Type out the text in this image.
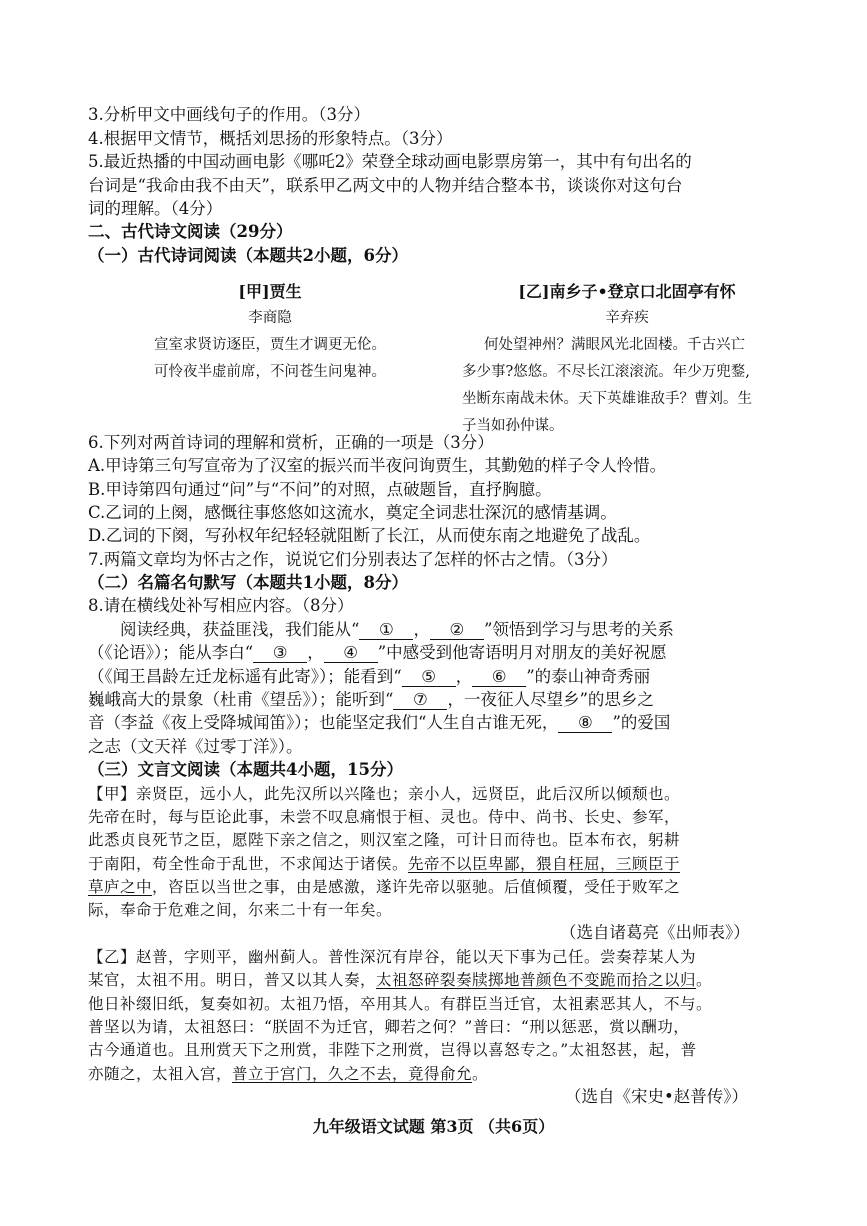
3.分析甲文中画线句子的作用。（3分）
4.根据甲文情节，概括刘思扬的形象特点。（3分）
5.最近热播的中国动画电影《哪吒2》荣登全球动画电影票房第一，其中有句出名的
台词是“我命由我不由天”，联系甲乙两文中的人物并结合整本书，谈谈你对这句台
词的理解。（4分）
二、古代诗文阅读（29分）
（一）古代诗词阅读（本题共2小题，6分）
[甲]贾生
李商隐
宣室求贤访逐臣，贾生才调更无伦。
可怜夜半虚前席，不问苍生问鬼神。
[乙]南乡子•登京口北固亭有怀
辛弃疾
何处望神州？满眼风光北固楼。千古兴亡
多少事?悠悠。不尽长江滚滚流。年少万兜鍪,
坐断东南战未休。天下英雄谁敌手？曹刘。生
子当如孙仲谋。
6.下列对两首诗词的理解和赏析，正确的一项是（3分）
A.甲诗第三句写宣帝为了汉室的振兴而半夜问询贾生，其勤勉的样子令人怜惜。
B.甲诗第四句通过“问”与“不问”的对照，点破题旨，直抒胸臆。
C.乙词的上阕，感慨往事悠悠如这流水，奠定全词悲壮深沉的感情基调。
D.乙词的下阕，写孙权年纪轻轻就阻断了长江，从而使东南之地避免了战乱。
7.两篇文章均为怀古之作，说说它们分别表达了怎样的怀古之情。（3分）
（二）名篇名句默写（本题共1小题，8分）
8.请在横线处补写相应内容。（8分）
阅读经典，获益匪浅，我们能从“ ① ， ② ”领悟到学习与思考的关系
（《论语》）；能从李白“ ③ ， ④ ”中感受到他寄语明月对朋友的美好祝愿
（《闻王昌龄左迁龙标遥有此寄》）；能看到“ ⑤ ， ⑥ ”的泰山神奇秀丽
巍峨高大的景象（杜甫《望岳》）；能听到“ ⑦ ，一夜征人尽望乡”的思乡之
音（李益《夜上受降城闻笛》）；也能坚定我们“人生自古谁无死， ⑧ ”的爱国
之志（文天祥《过零丁洋》）。
（三）文言文阅读（本题共4小题，15分）
【甲】亲贤臣，远小人，此先汉所以兴隆也；亲小人，远贤臣，此后汉所以倾颓也。
先帝在时，每与臣论此事，未尝不叹息痛恨于桓、灵也。侍中、尚书、长史、参军，
此悉贞良死节之臣，愿陛下亲之信之，则汉室之隆，可计日而待也。臣本布衣，躬耕
于南阳，苟全性命于乱世，不求闻达于诸侯。先帝不以臣卑鄙，猥自枉屈，三顾臣于
草庐之中，咨臣以当世之事，由是感激，遂许先帝以驱驰。后值倾覆，受任于败军之
际，奉命于危难之间，尔来二十有一年矣。
（选自诸葛亮《出师表》）
【乙】赵普，字则平，幽州蓟人。普性深沉有岸谷，能以天下事为己任。尝奏荐某人为
某官，太祖不用。明日，普又以其人奏，太祖怒碎裂奏牍掷地普颜色不变跪而拾之以归。
他日补缀旧纸，复奏如初。太祖乃悟，卒用其人。有群臣当迁官，太祖素恶其人，不与。
普坚以为请，太祖怒曰：“朕固不为迁官，卿若之何？”普曰：“刑以惩恶，赏以酬功，
古今通道也。且刑赏天下之刑赏，非陛下之刑赏，岂得以喜怒专之。”太祖怒甚，起，普
亦随之，太祖入宫，普立于宫门，久之不去，竟得俞允。
（选自《宋史•赵普传》）
九年级语文试题 第3页 （共6页）
